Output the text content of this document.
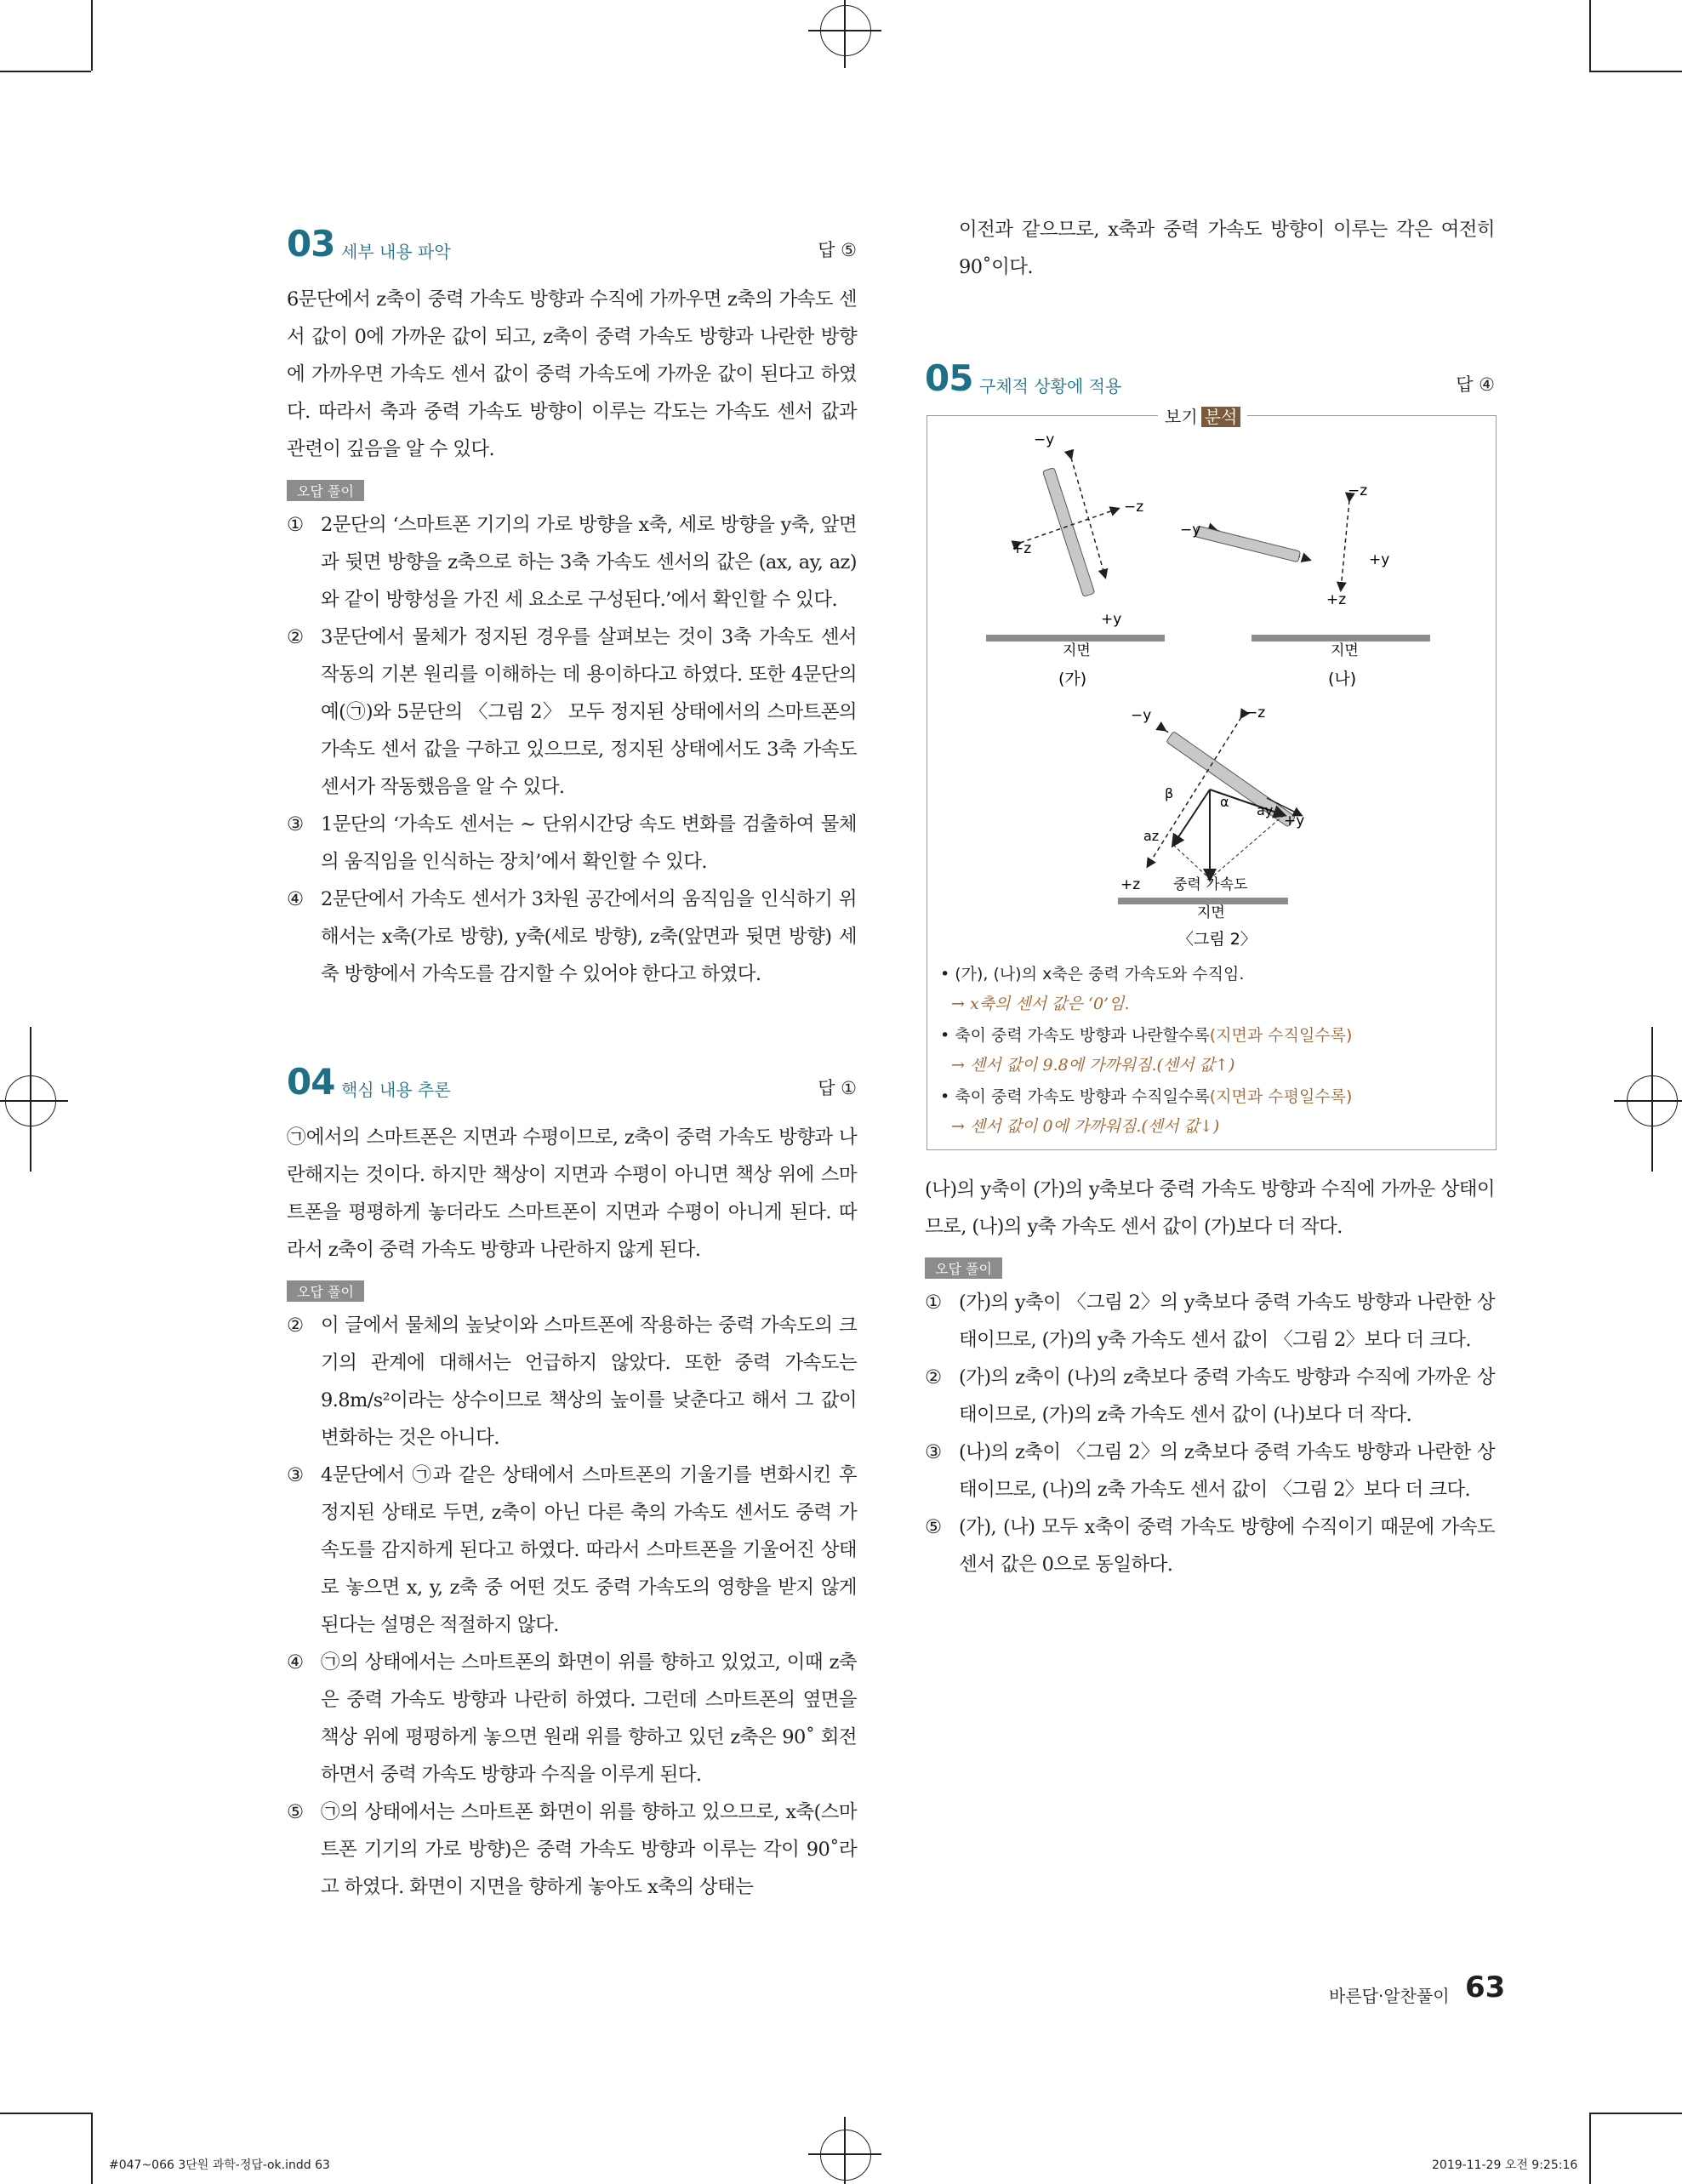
03 세부 내용 파악	답 ⑤

6문단에서 z축이 중력 가속도 방향과 수직에 가까우면 z축의 가속도 센서 값이 0에 가까운 값이 되고, z축이 중력 가속도 방향과 나란한 방향에 가까우면 가속도 센서 값이 중력 가속도에 가까운 값이 된다고 하였다. 따라서 축과 중력 가속도 방향이 이루는 각도는 가속도 센서 값과 관련이 깊음을 알 수 있다.

오답 풀이
① 2문단의 ‘스마트폰 기기의 가로 방향을 x축, 세로 방향을 y축, 앞면과 뒷면 방향을 z축으로 하는 3축 가속도 센서의 값은 (ax, ay, az)와 같이 방향성을 가진 세 요소로 구성된다.’에서 확인할 수 있다.
② 3문단에서 물체가 정지된 경우를 살펴보는 것이 3축 가속도 센서 작동의 기본 원리를 이해하는 데 용이하다고 하였다. 또한 4문단의 예(㉠)와 5문단의 〈그림 2〉 모두 정지된 상태에서의 스마트폰의 가속도 센서 값을 구하고 있으므로, 정지된 상태에서도 3축 가속도 센서가 작동했음을 알 수 있다.
③ 1문단의 ‘가속도 센서는 ~ 단위시간당 속도 변화를 검출하여 물체의 움직임을 인식하는 장치’에서 확인할 수 있다.
④ 2문단에서 가속도 센서가 3차원 공간에서의 움직임을 인식하기 위해서는 x축(가로 방향), y축(세로 방향), z축(앞면과 뒷면 방향) 세 축 방향에서 가속도를 감지할 수 있어야 한다고 하였다.
04 핵심 내용 추론	답 ①

㉠에서의 스마트폰은 지면과 수평이므로, z축이 중력 가속도 방향과 나란해지는 것이다. 하지만 책상이 지면과 수평이 아니면 책상 위에 스마트폰을 평평하게 놓더라도 스마트폰이 지면과 수평이 아니게 된다. 따라서 z축이 중력 가속도 방향과 나란하지 않게 된다.

오답 풀이
② 이 글에서 물체의 높낮이와 스마트폰에 작용하는 중력 가속도의 크기의 관계에 대해서는 언급하지 않았다. 또한 중력 가속도는 9.8m/s²이라는 상수이므로 책상의 높이를 낮춘다고 해서 그 값이 변화하는 것은 아니다.
③ 4문단에서 ㉠과 같은 상태에서 스마트폰의 기울기를 변화시킨 후 정지된 상태로 두면, z축이 아닌 다른 축의 가속도 센서도 중력 가속도를 감지하게 된다고 하였다. 따라서 스마트폰을 기울어진 상태로 놓으면 x, y, z축 중 어떤 것도 중력 가속도의 영향을 받지 않게 된다는 설명은 적절하지 않다.
④ ㉠의 상태에서는 스마트폰의 화면이 위를 향하고 있었고, 이때 z축은 중력 가속도 방향과 나란히 하였다. 그런데 스마트폰의 옆면을 책상 위에 평평하게 놓으면 원래 위를 향하고 있던 z축은 90˚ 회전하면서 중력 가속도 방향과 수직을 이루게 된다.
⑤ ㉠의 상태에서는 스마트폰 화면이 위를 향하고 있으므로, x축(스마트폰 기기의 가로 방향)은 중력 가속도 방향과 이루는 각이 90˚라고 하였다. 화면이 지면을 향하게 놓아도 x축의 상태는

이전과 같으므로, x축과 중력 가속도 방향이 이루는 각은 여전히 90˚이다.

05 구체적 상황에 적용	답 ④
보기 분석
−y
−z
+z
+y
지면
(가)
−y
−z
+y
+z
지면
(나)
−y	−z
+y
+z
β
α
ay
az
중력 가속도
지면
〈그림 2〉
• (가), (나)의 x축은 중력 가속도와 수직임.
→ x축의 센서 값은 ‘0’임.
• 축이 중력 가속도 방향과 나란할수록(지면과 수직일수록)
→ 센서 값이 9.8에 가까워짐.(센서 값↑)
• 축이 중력 가속도 방향과 수직일수록(지면과 수평일수록)
→ 센서 값이 0에 가까워짐.(센서 값↓)

(나)의 y축이 (가)의 y축보다 중력 가속도 방향과 수직에 가까운 상태이므로, (나)의 y축 가속도 센서 값이 (가)보다 더 작다.

오답 풀이
① (가)의 y축이 〈그림 2〉의 y축보다 중력 가속도 방향과 나란한 상태이므로, (가)의 y축 가속도 센서 값이 〈그림 2〉보다 더 크다.
② (가)의 z축이 (나)의 z축보다 중력 가속도 방향과 수직에 가까운 상태이므로, (가)의 z축 가속도 센서 값이 (나)보다 더 작다.
③ (나)의 z축이 〈그림 2〉의 z축보다 중력 가속도 방향과 나란한 상태이므로, (나)의 z축 가속도 센서 값이 〈그림 2〉보다 더 크다.
⑤ (가), (나) 모두 x축이 중력 가속도 방향에 수직이기 때문에 가속도 센서 값은 0으로 동일하다.
바른답·알찬풀이 63
#047~066 3단원 과학-정답-ok.indd 63	2019-11-29 오전 9:25:16
